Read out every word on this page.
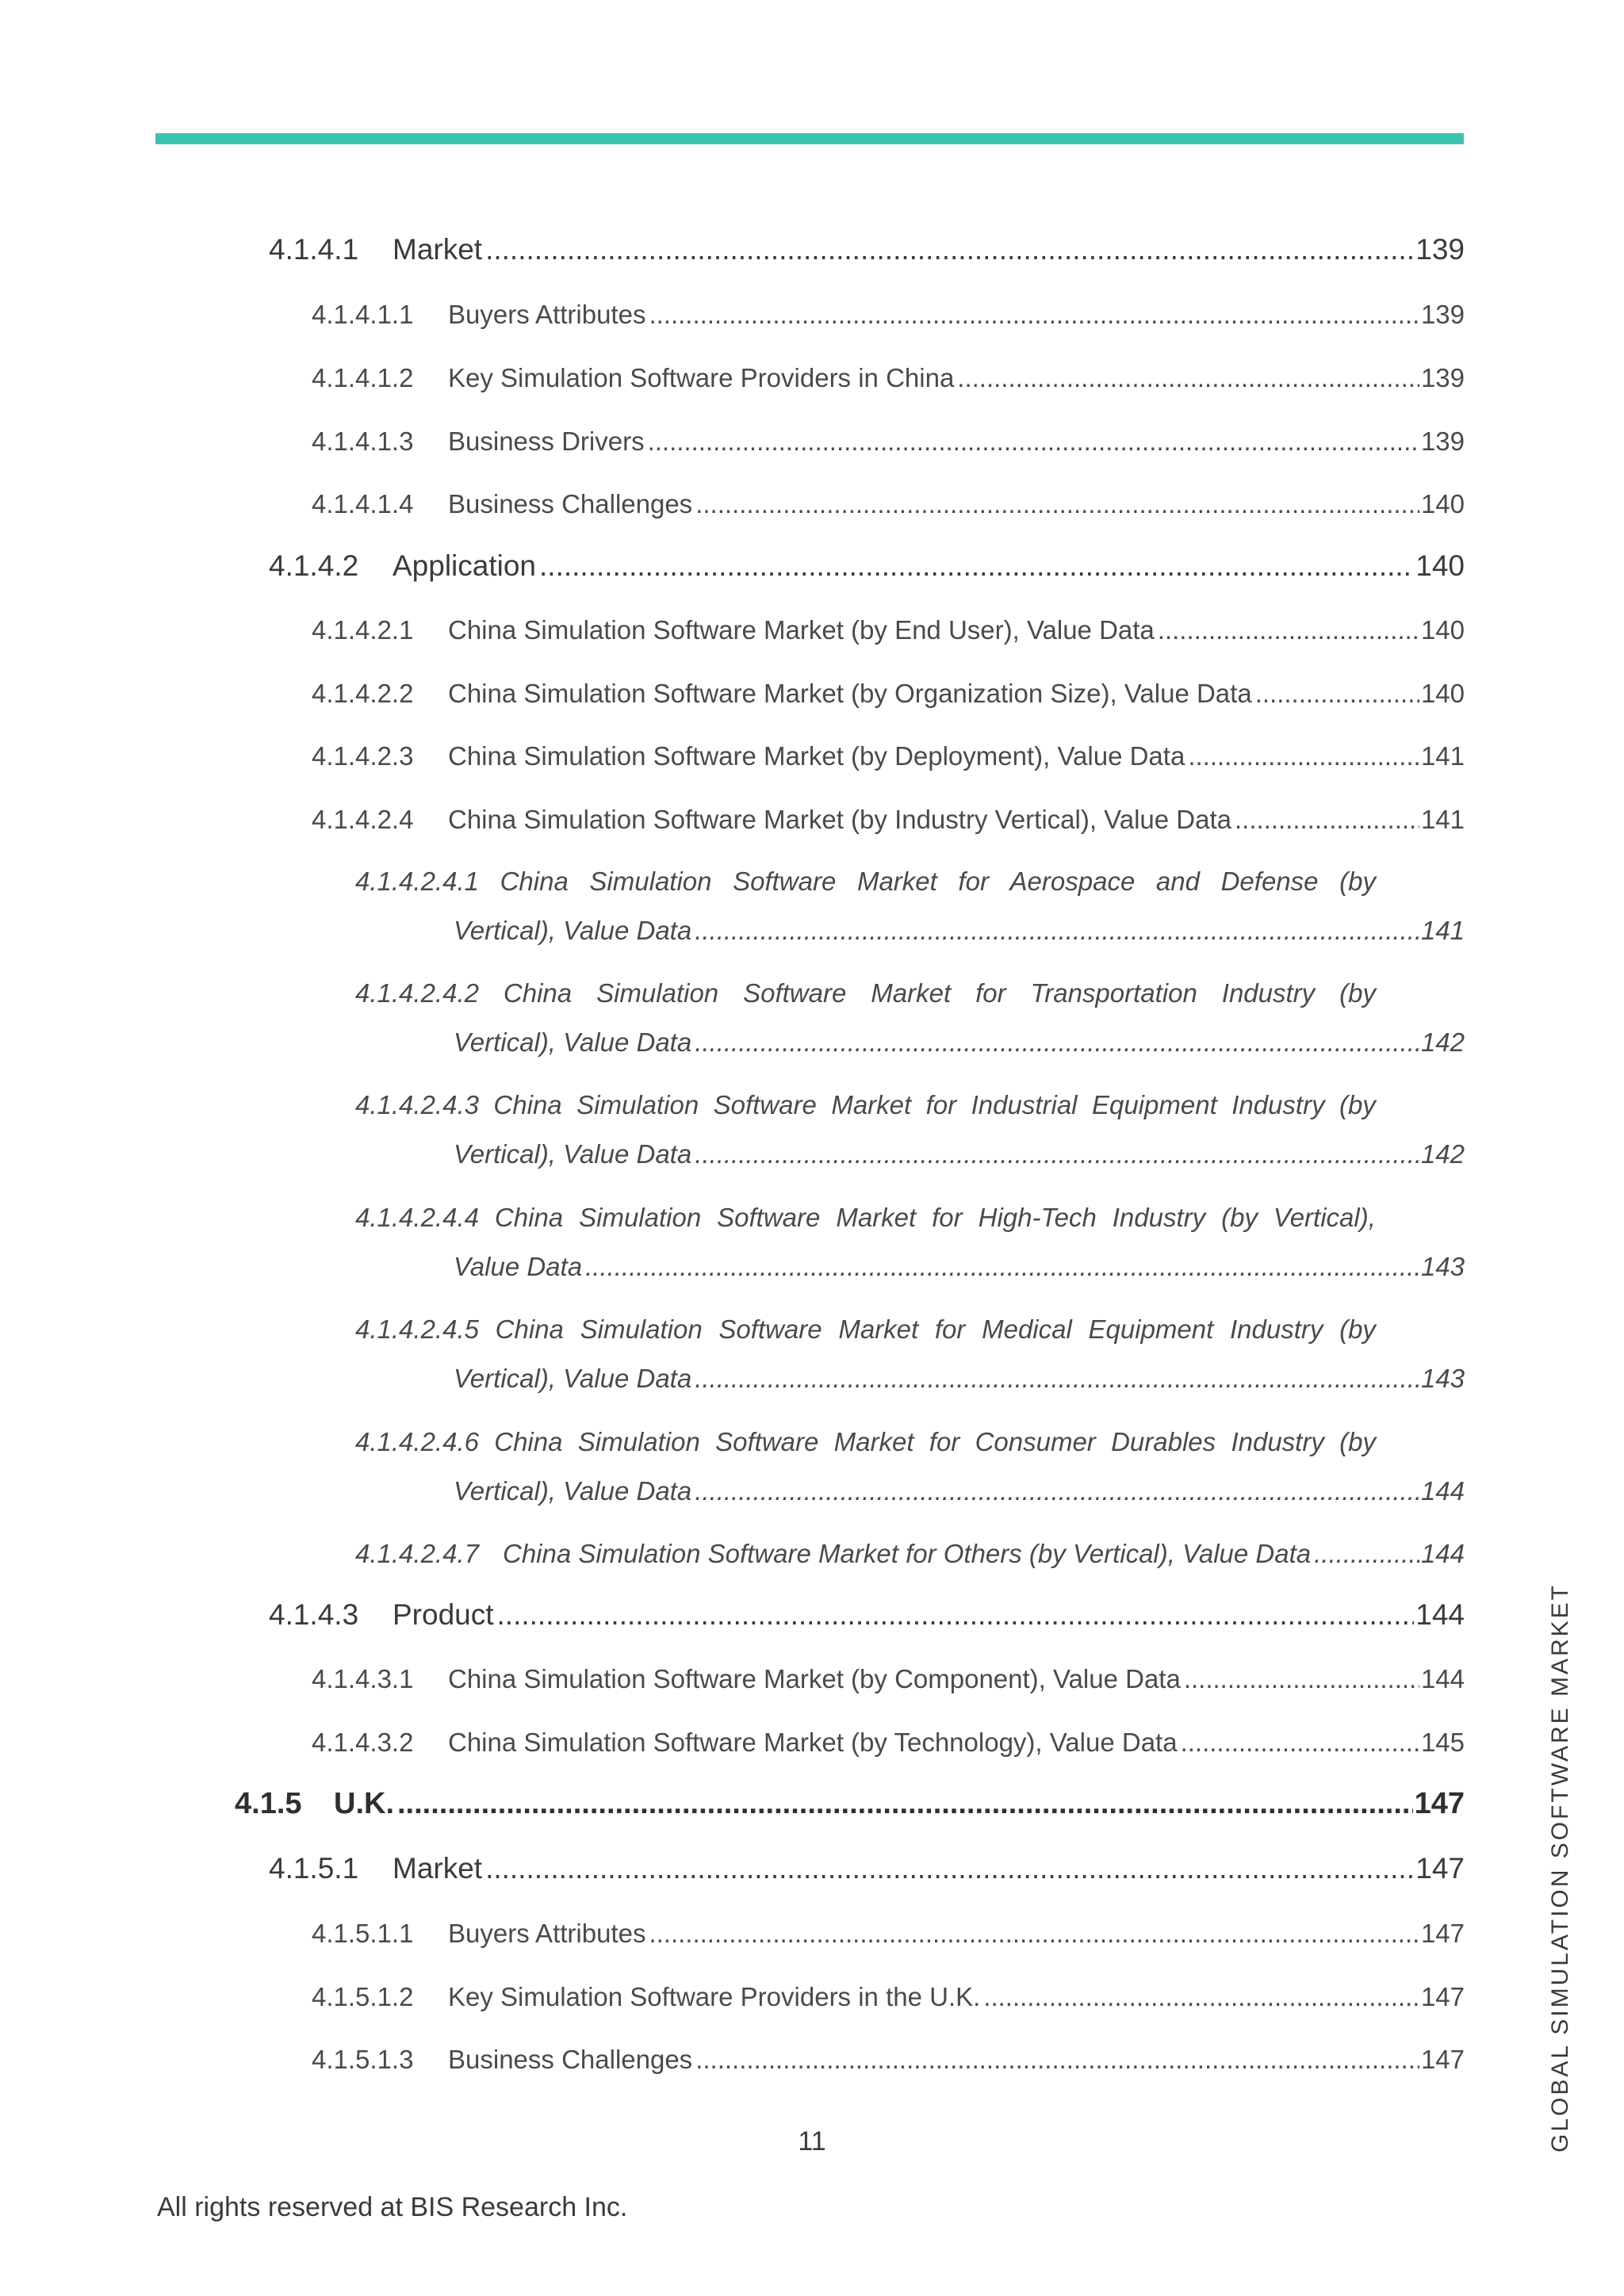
4.1.4.1	Market .....	139
4.1.4.1.1	Buyers Attributes .....	139
4.1.4.1.2	Key Simulation Software Providers in China .....	139
4.1.4.1.3	Business Drivers .....	139
4.1.4.1.4	Business Challenges .....	140
4.1.4.2	Application .....	140
4.1.4.2.1	China Simulation Software Market (by End User), Value Data .....	140
4.1.4.2.2	China Simulation Software Market (by Organization Size), Value Data .....	140
4.1.4.2.3	China Simulation Software Market (by Deployment), Value Data .....	141
4.1.4.2.4	China Simulation Software Market (by Industry Vertical), Value Data .....	141
4.1.4.2.4.1 China Simulation Software Market for Aerospace and Defense (by
Vertical), Value Data .....	141
4.1.4.2.4.2 China Simulation Software Market for Transportation Industry (by
Vertical), Value Data .....	142
4.1.4.2.4.3 China Simulation Software Market for Industrial Equipment Industry (by
Vertical), Value Data .....	142
4.1.4.2.4.4 China Simulation Software Market for High-Tech Industry (by Vertical),
Value Data .....	143
4.1.4.2.4.5 China Simulation Software Market for Medical Equipment Industry (by
Vertical), Value Data .....	143
4.1.4.2.4.6 China Simulation Software Market for Consumer Durables Industry (by
Vertical), Value Data .....	144
4.1.4.2.4.7 China Simulation Software Market for Others (by Vertical), Value Data .....	144
4.1.4.3	Product .....	144
4.1.4.3.1	China Simulation Software Market (by Component), Value Data .....	144
4.1.4.3.2	China Simulation Software Market (by Technology), Value Data .....	145
4.1.5	U.K. .....	147
4.1.5.1	Market .....	147
4.1.5.1.1	Buyers Attributes .....	147
4.1.5.1.2	Key Simulation Software Providers in the U.K. .....	147
4.1.5.1.3	Business Challenges .....	147
11
All rights reserved at BIS Research Inc.
GLOBAL SIMULATION SOFTWARE MARKET
